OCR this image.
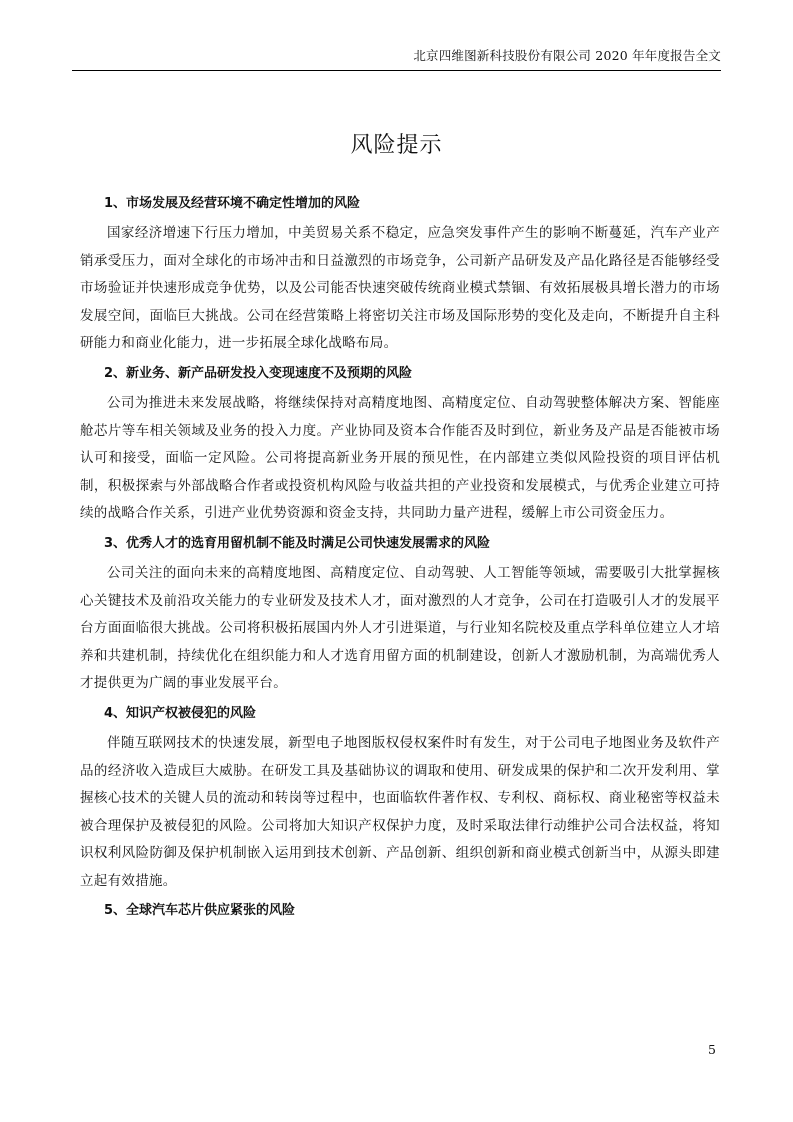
北京四维图新科技股份有限公司 2020 年年度报告全文
风险提示
1、市场发展及经营环境不确定性增加的风险

国家经济增速下行压力增加，中美贸易关系不稳定，应急突发事件产生的影响不断蔓延，汽车产业产销承受压力，面对全球化的市场冲击和日益激烈的市场竞争，公司新产品研发及产品化路径是否能够经受市场验证并快速形成竞争优势，以及公司能否快速突破传统商业模式禁锢、有效拓展极具增长潜力的市场发展空间，面临巨大挑战。公司在经营策略上将密切关注市场及国际形势的变化及走向，不断提升自主科研能力和商业化能力，进一步拓展全球化战略布局。

2、新业务、新产品研发投入变现速度不及预期的风险

公司为推进未来发展战略，将继续保持对高精度地图、高精度定位、自动驾驶整体解决方案、智能座舱芯片等车相关领域及业务的投入力度。产业协同及资本合作能否及时到位，新业务及产品是否能被市场认可和接受，面临一定风险。公司将提高新业务开展的预见性，在内部建立类似风险投资的项目评估机制，积极探索与外部战略合作者或投资机构风险与收益共担的产业投资和发展模式，与优秀企业建立可持续的战略合作关系，引进产业优势资源和资金支持，共同助力量产进程，缓解上市公司资金压力。

3、优秀人才的选育用留机制不能及时满足公司快速发展需求的风险

公司关注的面向未来的高精度地图、高精度定位、自动驾驶、人工智能等领域，需要吸引大批掌握核心关键技术及前沿攻关能力的专业研发及技术人才，面对激烈的人才竞争，公司在打造吸引人才的发展平台方面面临很大挑战。公司将积极拓展国内外人才引进渠道，与行业知名院校及重点学科单位建立人才培养和共建机制，持续优化在组织能力和人才选育用留方面的机制建设，创新人才激励机制，为高端优秀人才提供更为广阔的事业发展平台。

4、知识产权被侵犯的风险

伴随互联网技术的快速发展，新型电子地图版权侵权案件时有发生，对于公司电子地图业务及软件产品的经济收入造成巨大威胁。在研发工具及基础协议的调取和使用、研发成果的保护和二次开发利用、掌握核心技术的关键人员的流动和转岗等过程中，也面临软件著作权、专利权、商标权、商业秘密等权益未被合理保护及被侵犯的风险。公司将加大知识产权保护力度，及时采取法律行动维护公司合法权益，将知识权利风险防御及保护机制嵌入运用到技术创新、产品创新、组织创新和商业模式创新当中，从源头即建立起有效措施。

5、全球汽车芯片供应紧张的风险
5
